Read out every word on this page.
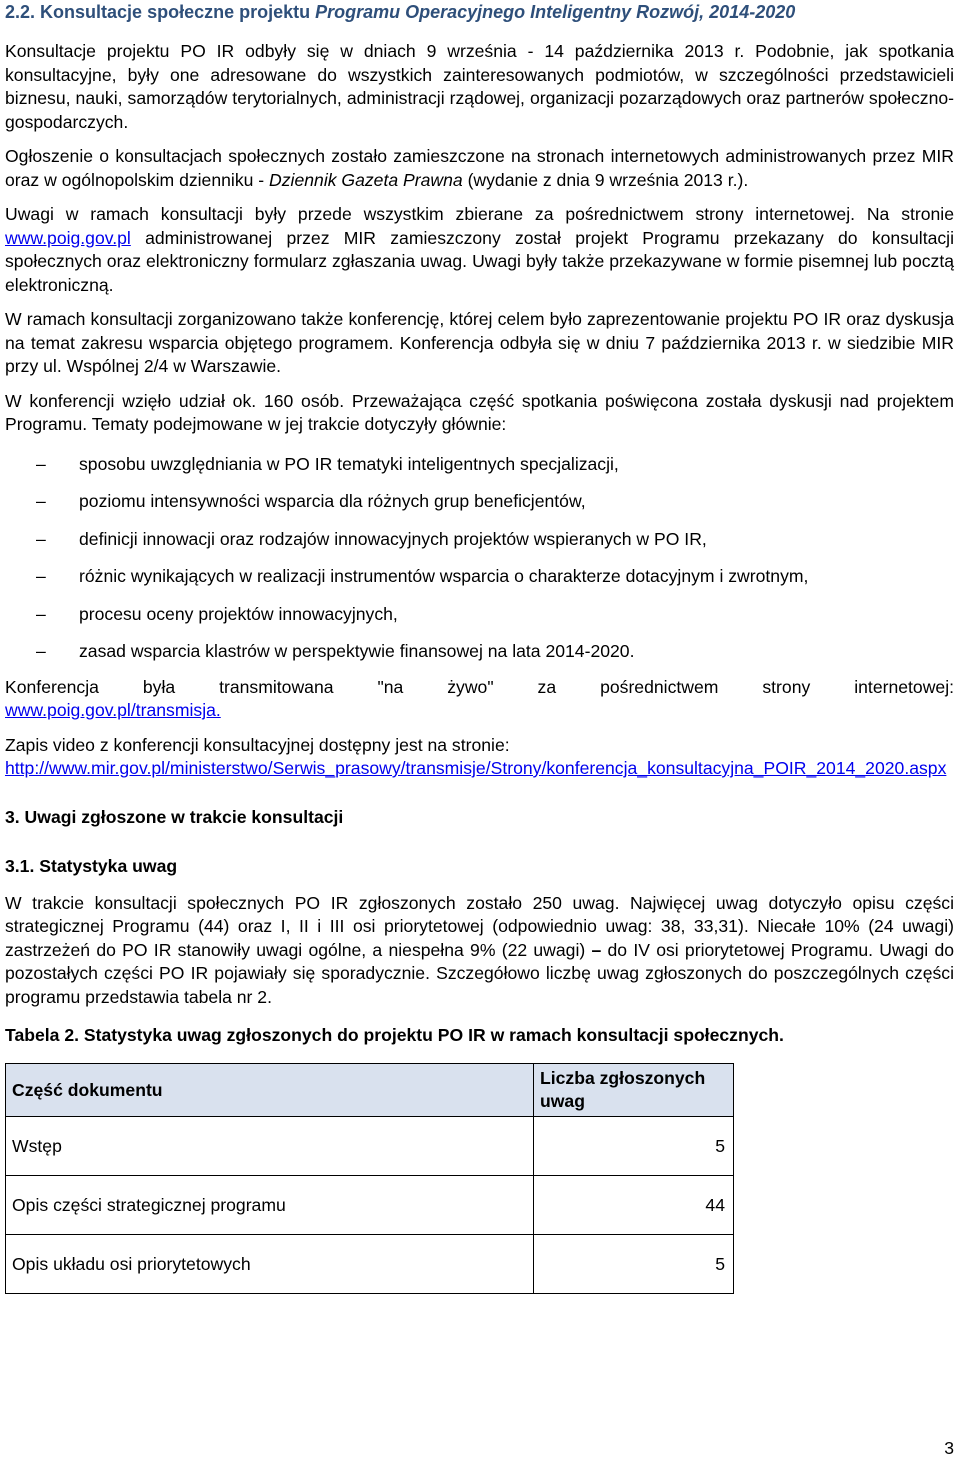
2.2. Konsultacje społeczne projektu Programu Operacyjnego Inteligentny Rozwój, 2014-2020

Konsultacje projektu PO IR odbyły się w dniach 9 września - 14 października 2013 r. Podobnie, jak spotkania konsultacyjne, były one adresowane do wszystkich zainteresowanych podmiotów, w szczególności przedstawicieli biznesu, nauki, samorządów terytorialnych, administracji rządowej, organizacji pozarządowych oraz partnerów społeczno-gospodarczych.

Ogłoszenie o konsultacjach społecznych zostało zamieszczone na stronach internetowych administrowanych przez MIR oraz w ogólnopolskim dzienniku - Dziennik Gazeta Prawna (wydanie z dnia 9 września 2013 r.).

Uwagi w ramach konsultacji były przede wszystkim zbierane za pośrednictwem strony internetowej. Na stronie www.poig.gov.pl administrowanej przez MIR zamieszczony został projekt Programu przekazany do konsultacji społecznych oraz elektroniczny formularz zgłaszania uwag. Uwagi były także przekazywane w formie pisemnej lub pocztą elektroniczną.

W ramach konsultacji zorganizowano także konferencję, której celem było zaprezentowanie projektu PO IR oraz dyskusja na temat zakresu wsparcia objętego programem. Konferencja odbyła się w dniu 7 października 2013 r. w siedzibie MIR przy ul. Wspólnej 2/4 w Warszawie.

W konferencji wzięło udział ok. 160 osób. Przeważająca część spotkania poświęcona została dyskusji nad projektem Programu. Tematy podejmowane w jej trakcie dotyczyły głównie:

– sposobu uwzględniania w PO IR tematyki inteligentnych specjalizacji,
– poziomu intensywności wsparcia dla różnych grup beneficjentów,
– definicji innowacji oraz rodzajów innowacyjnych projektów wspieranych w PO IR,
– różnic wynikających w realizacji instrumentów wsparcia o charakterze dotacyjnym i zwrotnym,
– procesu oceny projektów innowacyjnych,
– zasad wsparcia klastrów w perspektywie finansowej na lata 2014-2020.

Konferencja była transmitowana "na żywo" za pośrednictwem strony internetowej:

www.poig.gov.pl/transmisja.

Zapis video z konferencji konsultacyjnej dostępny jest na stronie:

http://www.mir.gov.pl/ministerstwo/Serwis_prasowy/transmisje/Strony/konferencja_konsultacyjna_POIR_2014_2020.aspx

3. Uwagi zgłoszone w trakcie konsultacji
3.1. Statystyka uwag

W trakcie konsultacji społecznych PO IR zgłoszonych zostało 250 uwag. Najwięcej uwag dotyczyło opisu części strategicznej Programu (44) oraz I, II i III osi priorytetowej (odpowiednio uwag: 38, 33,31). Niecałe 10% (24 uwagi) zastrzeżeń do PO IR stanowiły uwagi ogólne, a niespełna 9% (22 uwagi) – do IV osi priorytetowej Programu. Uwagi do pozostałych części PO IR pojawiały się sporadycznie. Szczegółowo liczbę uwag zgłoszonych do poszczególnych części programu przedstawia tabela nr 2.

Tabela 2. Statystyka uwag zgłoszonych do projektu PO IR w ramach konsultacji społecznych.

Część dokumentu	Liczba zgłoszonych uwag

Wstęp	5
Opis części strategicznej programu	44
Opis układu osi priorytetowych	5
3
